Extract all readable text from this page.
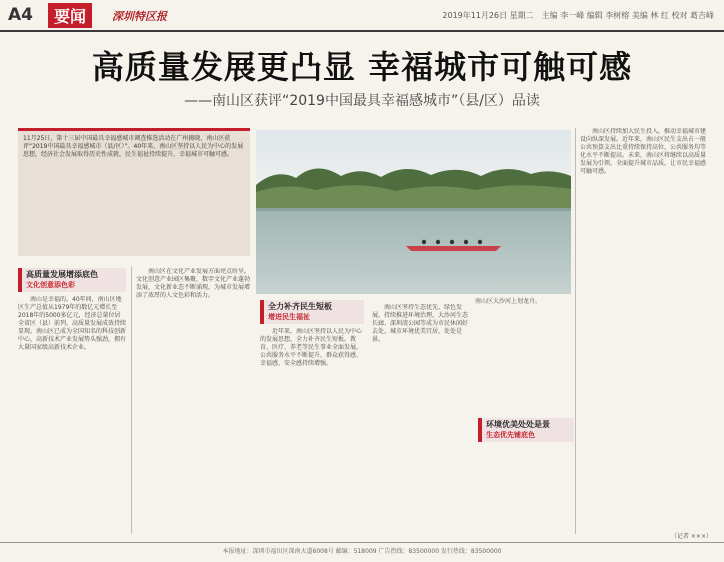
A4	要闻	深圳特区报	2019年11月26日 星期二　主编 李一峰 编辑 李树榕 美编 林 红 校对 葛吉峰
高质量发展更凸显 幸福城市可触可感
——南山区获评“2019中国最具幸福感城市”（县/区）品读
11月25日，第十三届中国最具幸福感城市调查推选活动在广州揭晓，南山区获评“2019中国最具幸福感城市（县/区）”。40年来，南山区坚持以人民为中心的发展思想，经济社会发展取得历史性成就，民生福祉持续提升，幸福城市可触可感。
南山区大沙河上划龙舟。
高质量发展增添底色
文化创意添色彩

南山是幸福的。40年间，南山区地区生产总值从1979年的数亿元增长至2018年的5000多亿元，经济总量位居全省区（县）前列，高质量发展成效持续显现。南山区已成为全国知名的科技创新中心，高新技术产业发展势头强劲，拥有大量国家级高新技术企业。

南山区在文化产业发展方面亮点纷呈，文化创意产业园区集聚，数字文化产业蓬勃发展，文化新业态不断涌现，为城市发展增添了浓厚的人文色彩和活力。

全力补齐民生短板
增进民生福祉

近年来，南山区坚持以人民为中心的发展思想，全力补齐民生短板。教育、医疗、养老等民生事业全面发展，公共服务水平不断提升，群众获得感、幸福感、安全感持续增强。

南山区坚持生态优先、绿色发展，持续推进环境治理，大沙河生态长廊、深圳湾公园等成为市民休闲好去处，城市环境优美宜居，处处是景。

环境优美处处是景
生态优先铺底色

南山区持续加大民生投入，推动幸福城市建设向纵深发展。近年来，南山区民生支出占一般公共预算支出比重持续保持高位，公共服务均等化水平不断提高。未来，南山区将继续以高质量发展为引领，全面提升城市品质，让市民幸福感可触可感。

（记者 ×××）
本报地址：深圳市福田区深南大道6008号 邮编：518009 广告热线：83500000 发行热线：83500000
